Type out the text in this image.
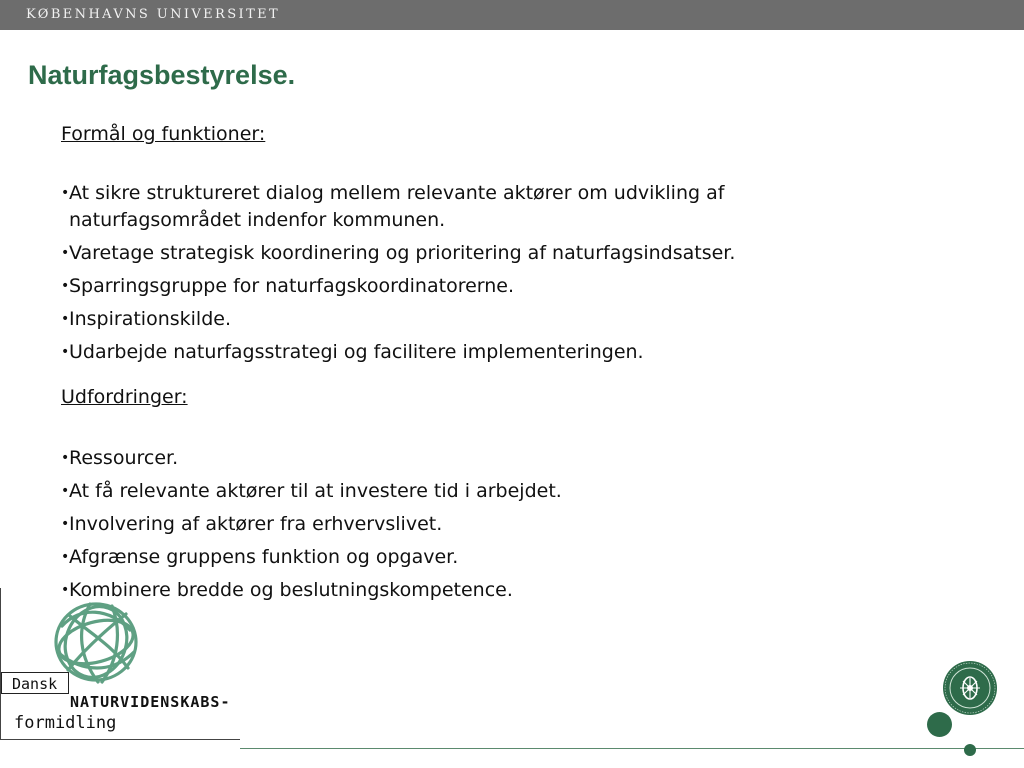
KØBENHAVNS UNIVERSITET
Naturfagsbestyrelse.

Formål og funktioner:

• At sikre struktureret dialog mellem relevante aktører om udvikling af naturfagsområdet indenfor kommunen.
• Varetage strategisk koordinering og prioritering af naturfagsindsatser.
• Sparringsgruppe for naturfagskoordinatorerne.
• Inspirationskilde.
• Udarbejde naturfagsstrategi og facilitere implementeringen.

Udfordringer:

• Ressourcer.
• At få relevante aktører til at investere tid i arbejdet.
• Involvering af aktører fra erhvervslivet.
• Afgrænse gruppens funktion og opgaver.
• Kombinere bredde og beslutningskompetence.
Dansk
NATURVIDENSKABS-
formidling
